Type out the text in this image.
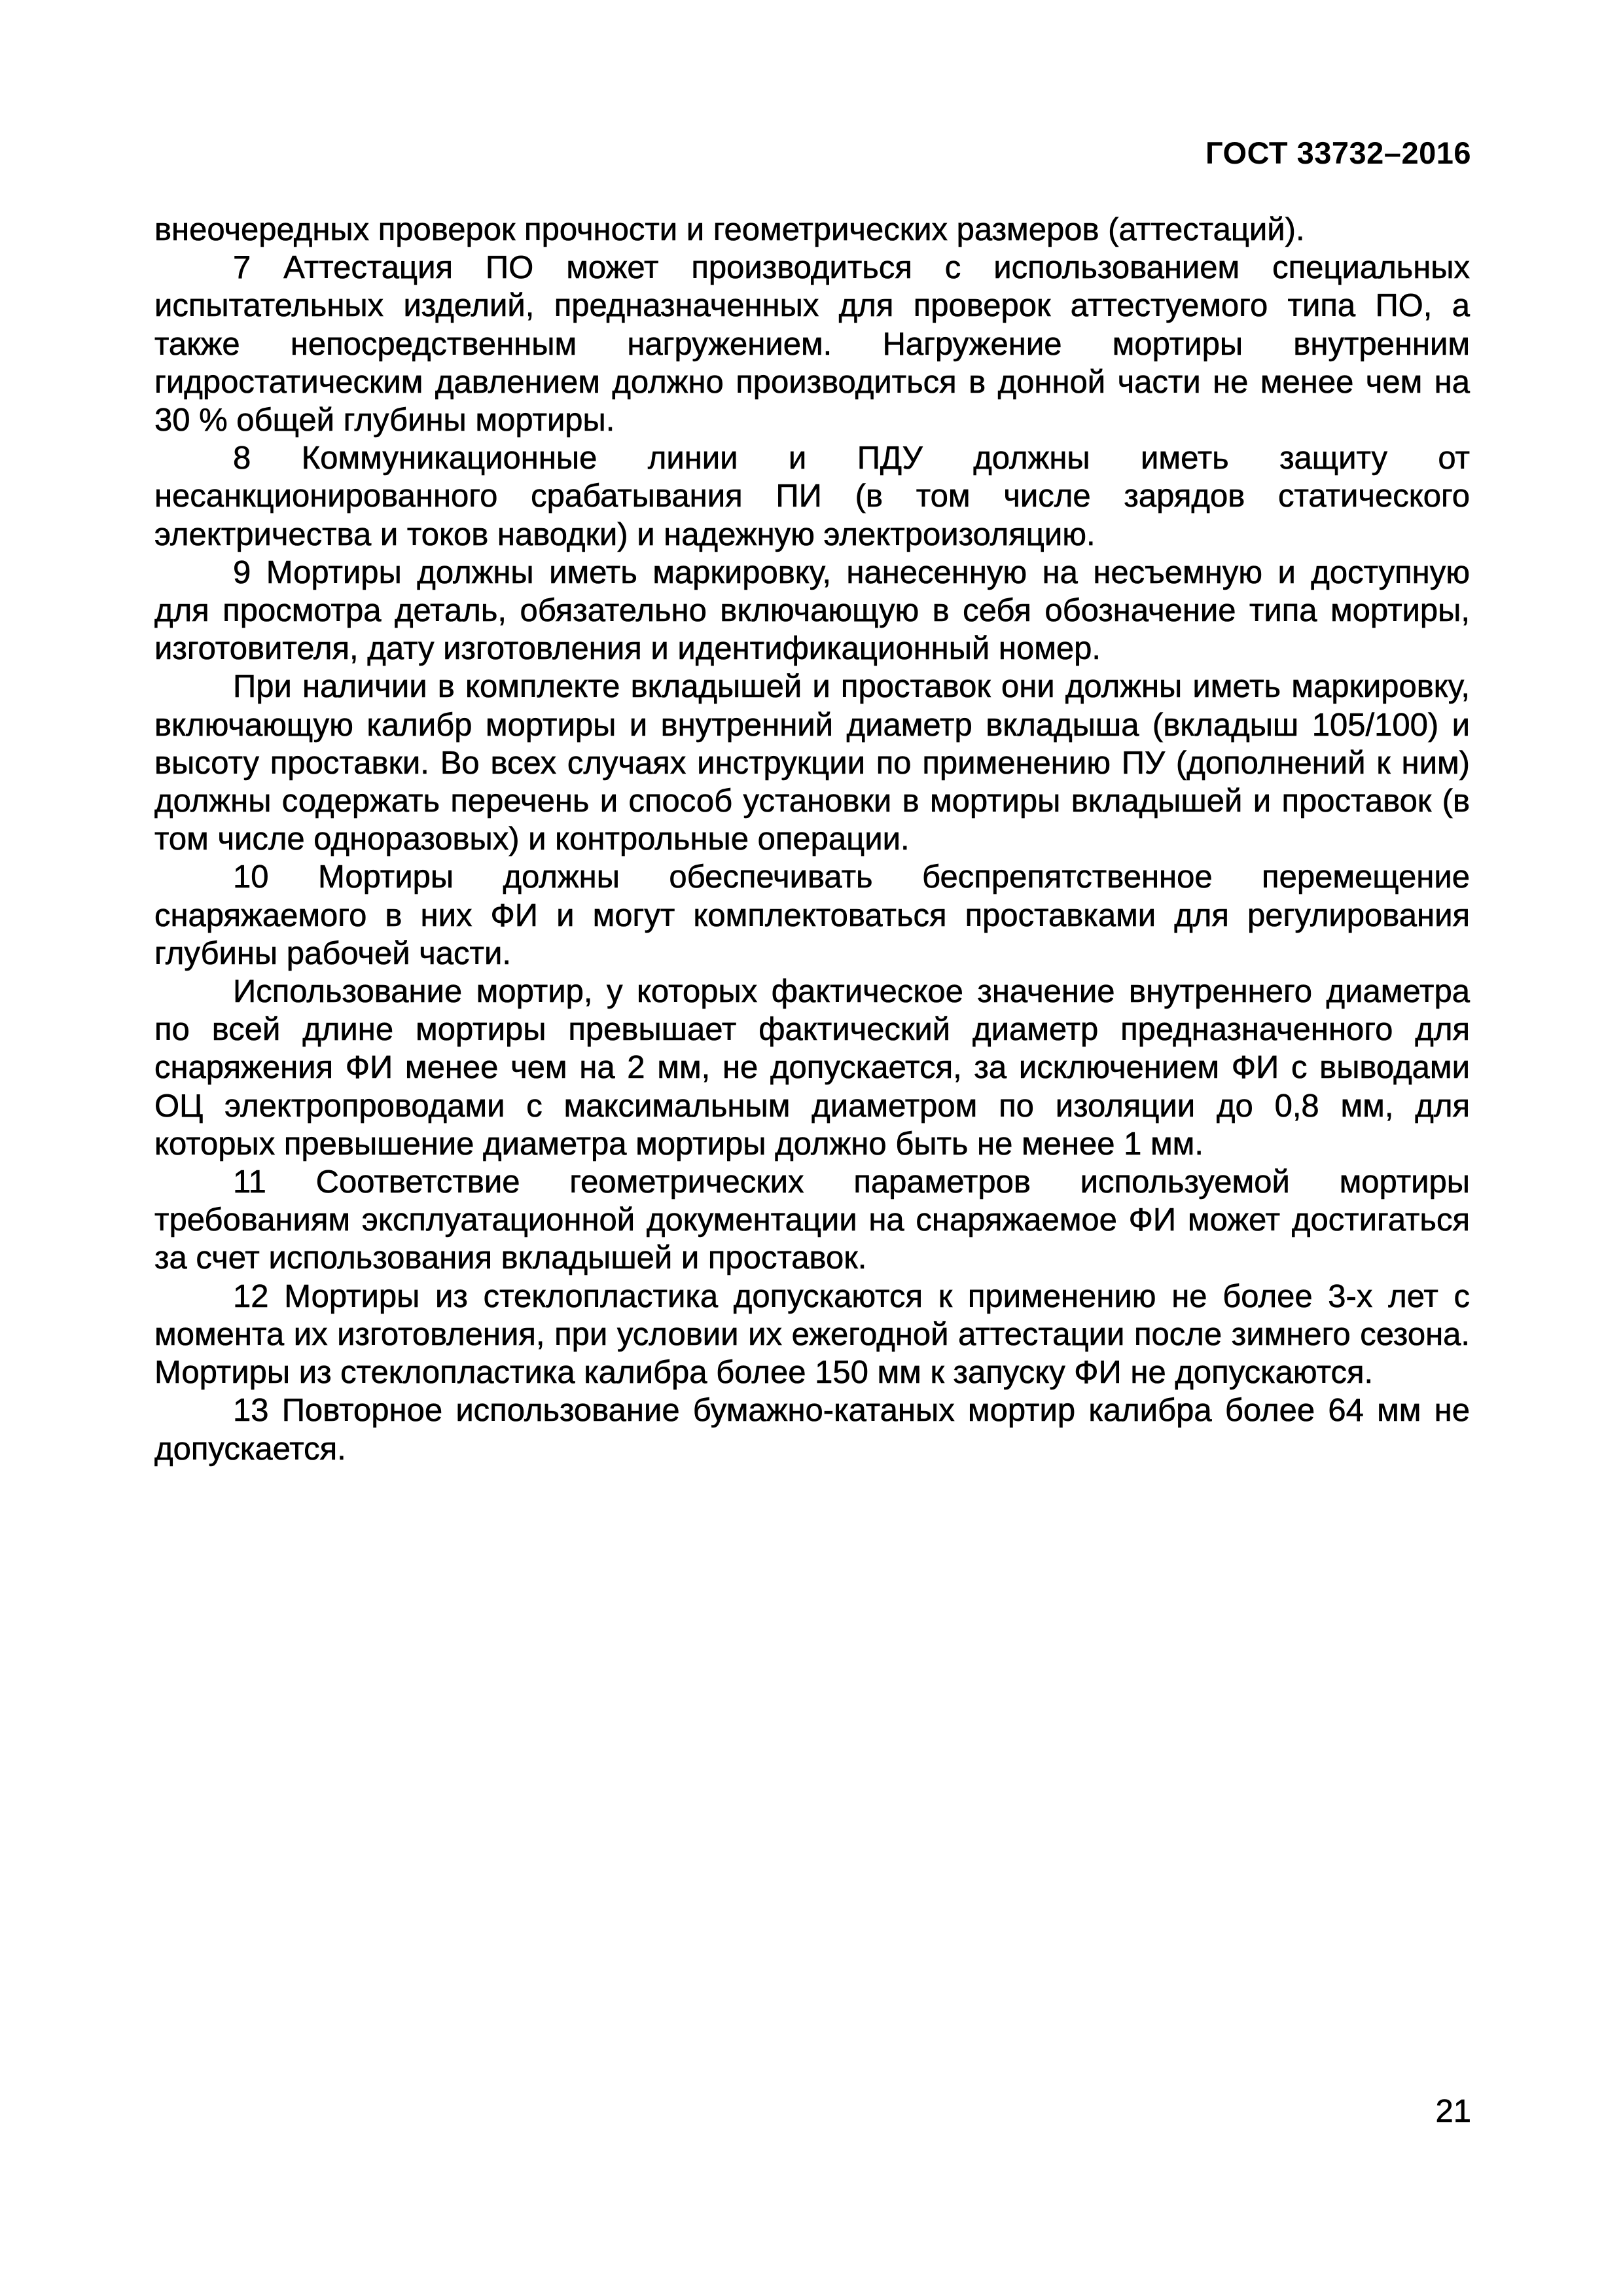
ГОСТ 33732–2016

внеочередных проверок прочности и геометрических размеров (аттестаций).

7 Аттестация ПО может производиться с использованием специальных испытательных изделий, предназначенных для проверок аттестуемого типа ПО, а также непосредственным нагружением. Нагружение мортиры внутренним гидростатическим давлением должно производиться в донной части не менее чем на 30 % общей глубины мортиры.

8 Коммуникационные линии и ПДУ должны иметь защиту от несанкционированного срабатывания ПИ (в том числе зарядов статического электричества и токов наводки) и надежную электроизоляцию.

9 Мортиры должны иметь маркировку, нанесенную на несъемную и доступную для просмотра деталь, обязательно включающую в себя обозначение типа мортиры, изготовителя, дату изготовления и идентификационный номер.

При наличии в комплекте вкладышей и проставок они должны иметь маркировку, включающую калибр мортиры и внутренний диаметр вкладыша (вкладыш 105/100) и высоту проставки. Во всех случаях инструкции по применению ПУ (дополнений к ним) должны содержать перечень и способ установки в мортиры вкладышей и проставок (в том числе одноразовых) и контрольные операции.

10 Мортиры должны обеспечивать беспрепятственное перемещение снаряжаемого в них ФИ и могут комплектоваться проставками для регулирования глубины рабочей части.

Использование мортир, у которых фактическое значение внутреннего диаметра по всей длине мортиры превышает фактический диаметр предназначенного для снаряжения ФИ менее чем на 2 мм, не допускается, за исключением ФИ с выводами ОЦ электропроводами с максимальным диаметром по изоляции до 0,8 мм, для которых превышение диаметра мортиры должно быть не менее 1 мм.

11 Соответствие геометрических параметров используемой мортиры требованиям эксплуатационной документации на снаряжаемое ФИ может достигаться за счет использования вкладышей и проставок.

12 Мортиры из стеклопластика допускаются к применению не более 3-х лет с момента их изготовления, при условии их ежегодной аттестации после зимнего сезона. Мортиры из стеклопластика калибра более 150 мм к запуску ФИ не допускаются.

13 Повторное использование бумажно-катаных мортир калибра более 64 мм не допускается.

21
